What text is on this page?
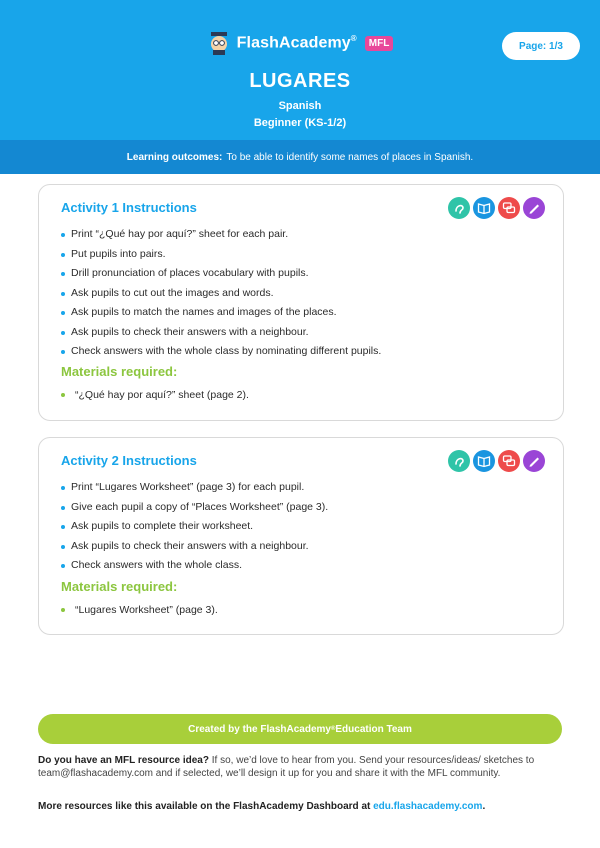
FlashAcademy®	MFL	Page: 1/3
LUGARES
Spanish
Beginner (KS-1/2)
Learning outcomes: To be able to identify some names of places in Spanish.
Activity 1 Instructions
Print “¿Qué hay por aquí?” sheet for each pair.
Put pupils into pairs.
Drill pronunciation of places vocabulary with pupils.
Ask pupils to cut out the images and words.
Ask pupils to match the names and images of the places.
Ask pupils to check their answers with a neighbour.
Check answers with the whole class by nominating different pupils.
Materials required:
“¿Qué hay por aquí?” sheet (page 2).
Activity 2 Instructions
Print “Lugares Worksheet” (page 3) for each pupil.
Give each pupil a copy of “Places Worksheet” (page 3).
Ask pupils to complete their worksheet.
Ask pupils to check their answers with a neighbour.
Check answers with the whole class.
Materials required:
“Lugares Worksheet” (page 3).
Created by the FlashAcademy ® Education Team
Do you have an MFL resource idea? If so, we’d love to hear from you. Send your resources/ideas/ sketches to team@flashacademy.com and if selected, we’ll design it up for you and share it with the MFL community.
More resources like this available on the FlashAcademy Dashboard at edu.flashacademy.com.
